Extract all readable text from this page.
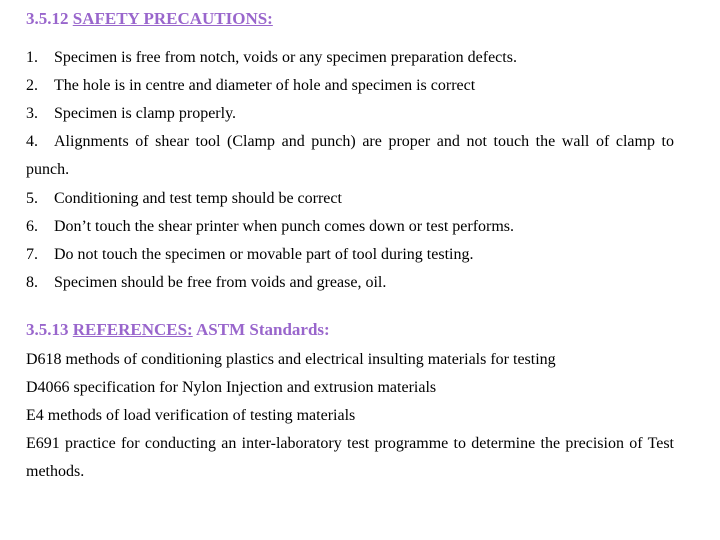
3.5.12 SAFETY PRECAUTIONS:
1. Specimen is free from notch, voids or any specimen preparation defects.
2. The hole is in centre and diameter of hole and specimen is correct
3. Specimen is clamp properly.
4. Alignments of shear tool (Clamp and punch) are proper and not touch the wall of clamp to punch.
5. Conditioning and test temp should be correct
6. Don’t touch the shear printer when punch comes down or test performs.
7. Do not touch the specimen or movable part of tool during testing.
8. Specimen should be free from voids and grease, oil.
3.5.13 REFERENCES: ASTM Standards:
D618 methods of conditioning plastics and electrical insulting materials for testing
D4066 specification for Nylon Injection and extrusion materials
E4 methods of load verification of testing materials
E691 practice for conducting an inter-laboratory test programme to determine the precision of Test methods.
